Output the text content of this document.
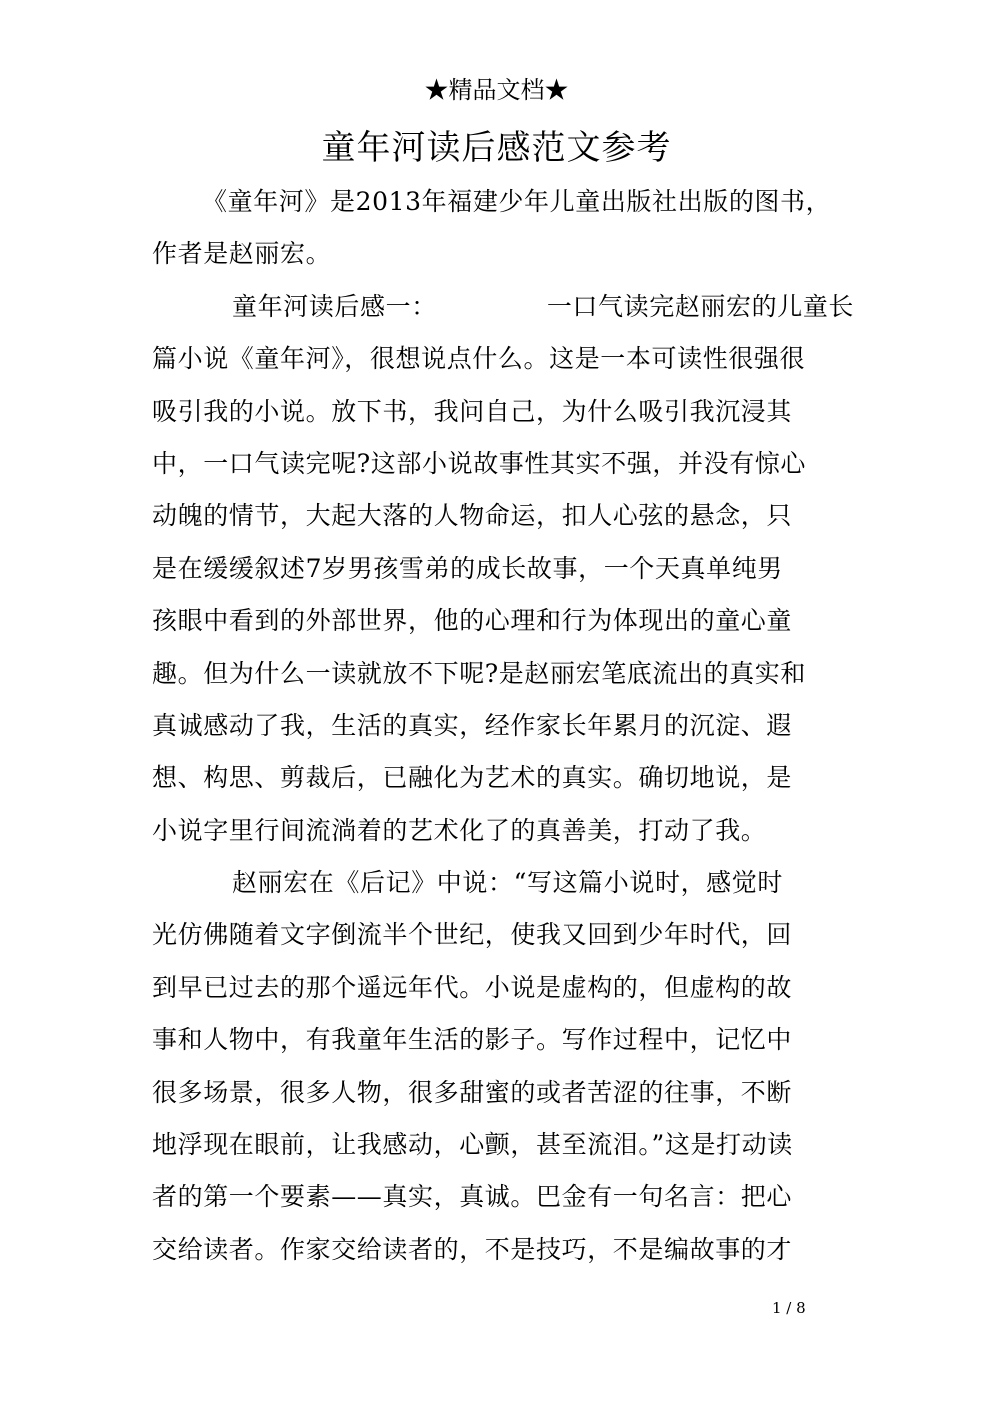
★精品文档★
童年河读后感范文参考
《童年河》是2013年福建少年儿童出版社出版的图书，
作者是赵丽宏。
童年河读后感一：	一口气读完赵丽宏的儿童长
篇小说《童年河》，很想说点什么。这是一本可读性很强很
吸引我的小说。放下书，我问自己，为什么吸引我沉浸其
中，一口气读完呢?这部小说故事性其实不强，并没有惊心
动魄的情节，大起大落的人物命运，扣人心弦的悬念，只
是在缓缓叙述7岁男孩雪弟的成长故事，一个天真单纯男
孩眼中看到的外部世界，他的心理和行为体现出的童心童
趣。但为什么一读就放不下呢?是赵丽宏笔底流出的真实和
真诚感动了我，生活的真实，经作家长年累月的沉淀、遐
想、构思、剪裁后，已融化为艺术的真实。确切地说，是
小说字里行间流淌着的艺术化了的真善美，打动了我。
赵丽宏在《后记》中说：“写这篇小说时，感觉时
光仿佛随着文字倒流半个世纪，使我又回到少年时代，回
到早已过去的那个遥远年代。小说是虚构的，但虚构的故
事和人物中，有我童年生活的影子。写作过程中，记忆中
很多场景，很多人物，很多甜蜜的或者苦涩的往事，不断
地浮现在眼前，让我感动，心颤，甚至流泪。”这是打动读
者的第一个要素——真实，真诚。巴金有一句名言：把心
交给读者。作家交给读者的，不是技巧，不是编故事的才
1 / 8
